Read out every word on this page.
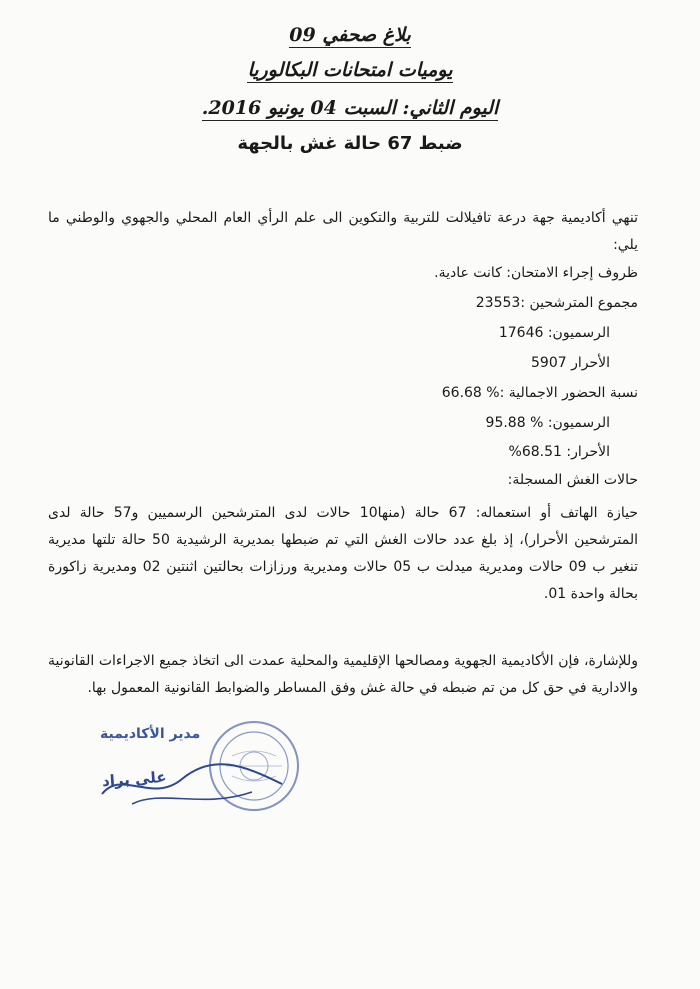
بلاغ صحفي 09
يوميات امتحانات البكالوريا
اليوم الثاني: السبت 04 يونيو 2016.
ضبط 67 حالة غش بالجهة
تنهي أكاديمية جهة درعة تافيلالت للتربية والتكوين الى علم الرأي العام المحلي والجهوي والوطني ما يلي:
ظروف إجراء الامتحان: كانت عادية.
مجموع المترشحين :23553
الرسميون: 17646
الأحرار 5907
نسبة الحضور الاجمالية :% 66.68
الرسميون: % 95.88
الأحرار: 68.51%
حالات الغش المسجلة:
حيازة الهاتف أو استعماله: 67 حالة (منها10 حالات لدى المترشحين الرسميين و57 حالة لدى المترشحين الأحرار)، إذ بلغ عدد حالات الغش التي تم ضبطها بمديرية الرشيدية 50 حالة تلتها مديرية تنغير ب 09 حالات ومديرية ميدلت ب 05 حالات ومديرية ورزازات بحالتين اثنتين 02 ومديرية زاكورة بحالة واحدة 01.
وللإشارة، فإن الأكاديمية الجهوية ومصالحها الإقليمية والمحلية عمدت الى اتخاذ جميع الاجراءات القانونية والادارية في حق كل من تم ضبطه في حالة غش وفق المساطر والضوابط القانونية المعمول بها.
مدير الأكاديمية
علي براد
